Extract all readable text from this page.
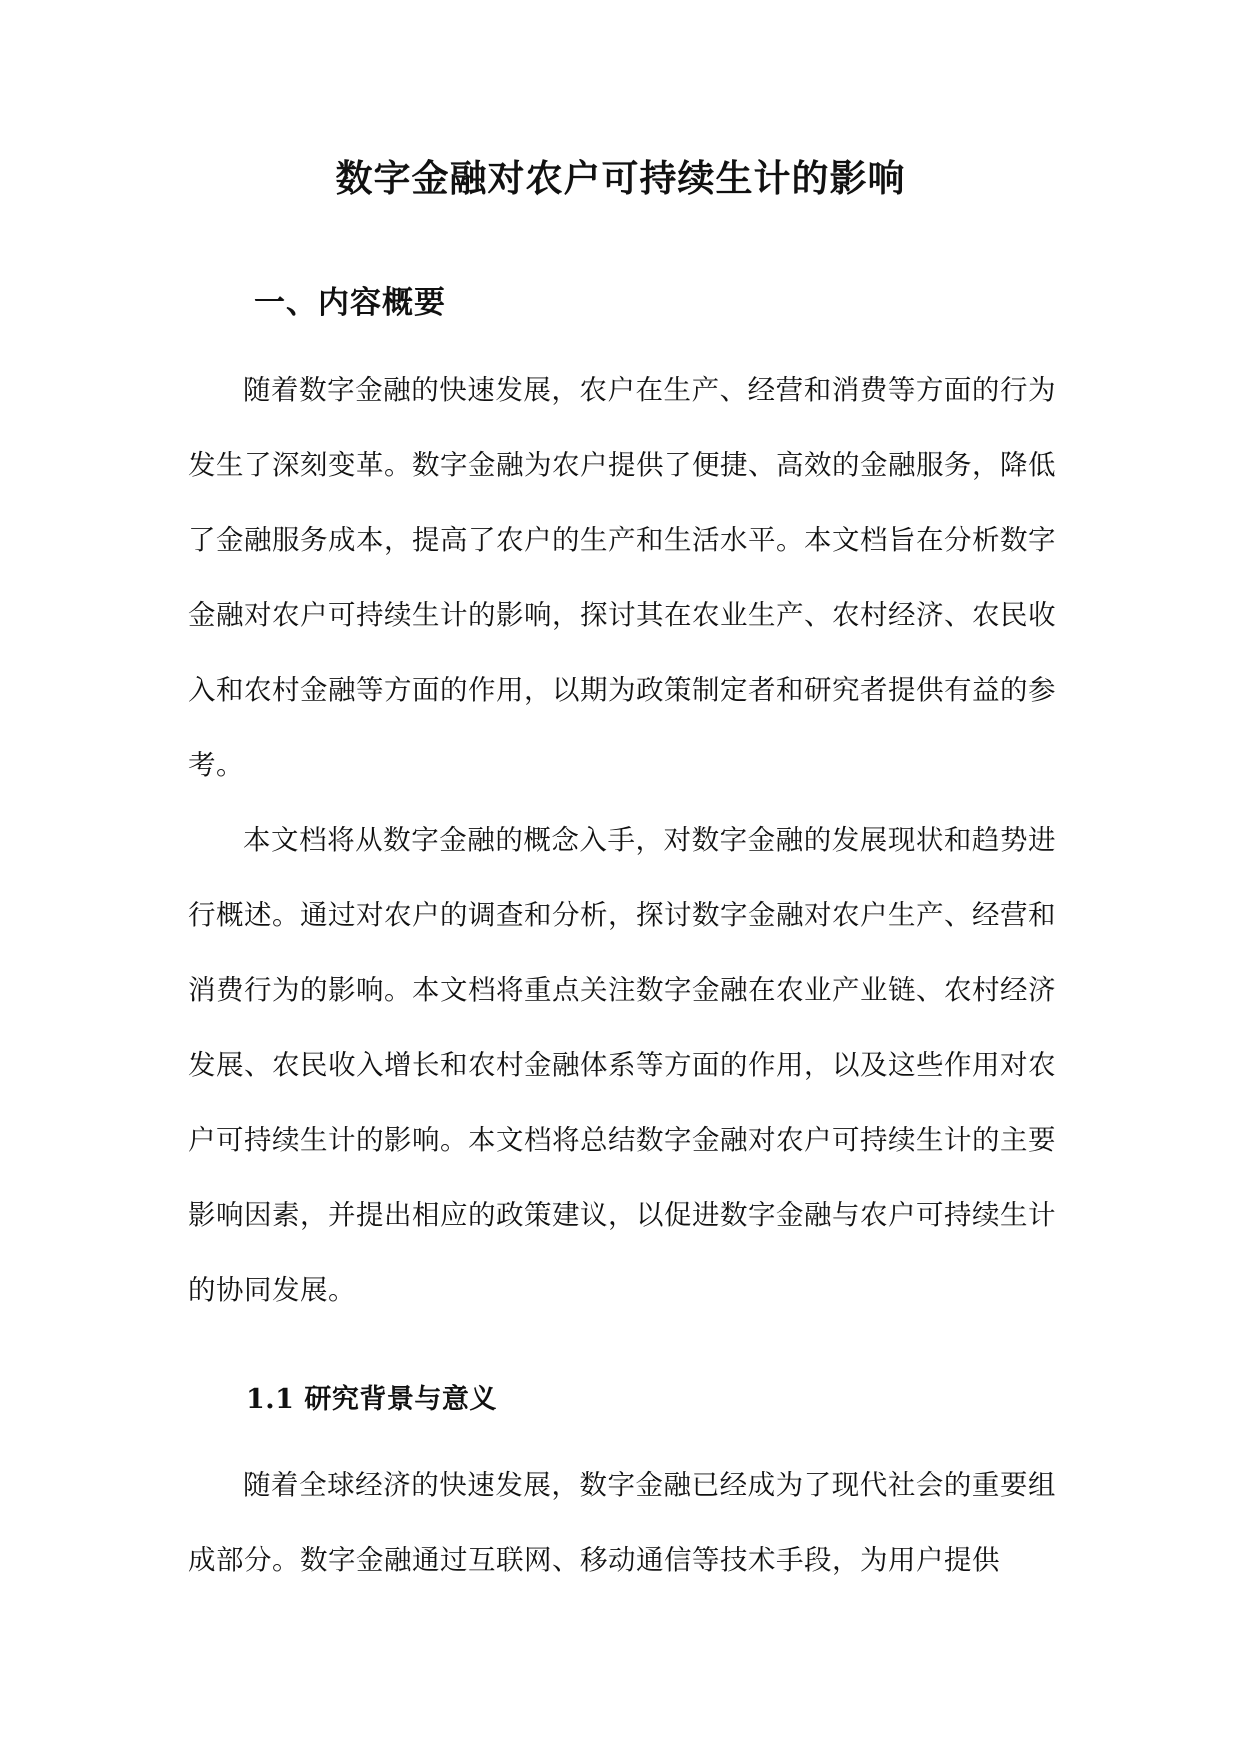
数字金融对农户可持续生计的影响
一、内容概要

随着数字金融的快速发展，农户在生产、经营和消费等方面的行为发生了深刻变革。数字金融为农户提供了便捷、高效的金融服务，降低了金融服务成本，提高了农户的生产和生活水平。本文档旨在分析数字金融对农户可持续生计的影响，探讨其在农业生产、农村经济、农民收入和农村金融等方面的作用，以期为政策制定者和研究者提供有益的参考。

本文档将从数字金融的概念入手，对数字金融的发展现状和趋势进行概述。通过对农户的调查和分析，探讨数字金融对农户生产、经营和消费行为的影响。本文档将重点关注数字金融在农业产业链、农村经济发展、农民收入增长和农村金融体系等方面的作用，以及这些作用对农户可持续生计的影响。本文档将总结数字金融对农户可持续生计的主要影响因素，并提出相应的政策建议，以促进数字金融与农户可持续生计的协同发展。

1.1 研究背景与意义

随着全球经济的快速发展，数字金融已经成为了现代社会的重要组成部分。数字金融通过互联网、移动通信等技术手段，为用户提供
